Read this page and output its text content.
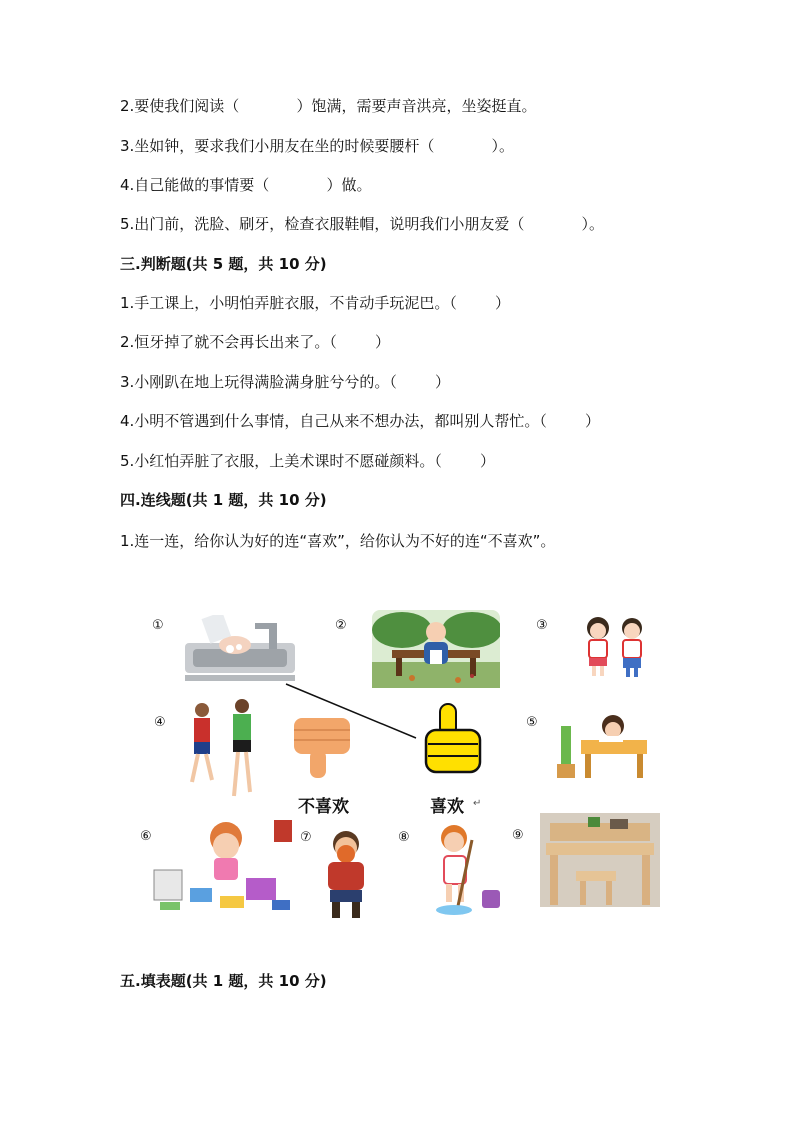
2.要使我们阅读（            ）饱满，需要声音洪亮，坐姿挺直。
3.坐如钟，要求我们小朋友在坐的时候要腰杆（            ）。
4.自己能做的事情要（            ）做。
5.出门前，洗脸、刷牙，检查衣服鞋帽，说明我们小朋友爱（            ）。
三.判断题(共 5 题，共 10 分)
1.手工课上，小明怕弄脏衣服，不肯动手玩泥巴。（        ）
2.恒牙掉了就不会再长出来了。（        ）
3.小刚趴在地上玩得满脸满身脏兮兮的。（        ）
4.小明不管遇到什么事情，自己从来不想办法，都叫别人帮忙。（        ）
5.小红怕弄脏了衣服，上美术课时不愿碰颜料。（        ）
四.连线题(共 1 题，共 10 分)
1.连一连，给你认为好的连“喜欢”，给你认为不好的连“不喜欢”。
①	②	③
④
不喜欢	喜欢 ↵
⑤
⑥	⑦	⑧	⑨
五.填表题(共 1 题，共 10 分)
